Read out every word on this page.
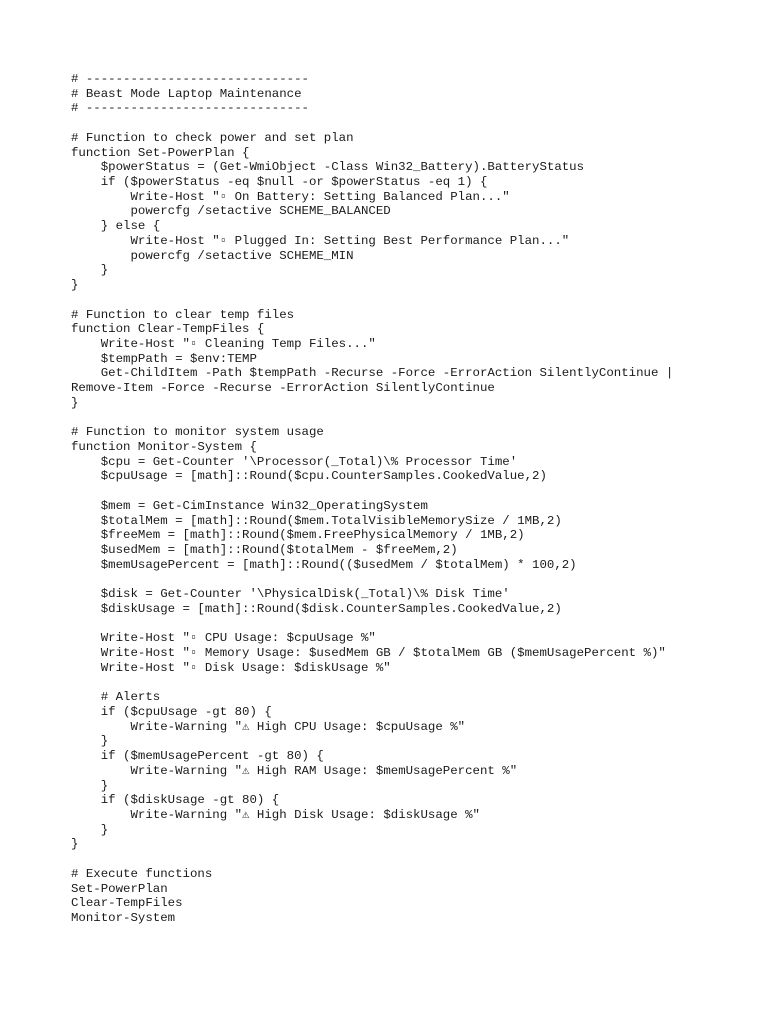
# ------------------------------
# Beast Mode Laptop Maintenance
# ------------------------------
# Function to check power and set plan
function Set-PowerPlan {
$powerStatus = (Get-WmiObject -Class Win32_Battery).BatteryStatus
if ($powerStatus -eq $null -or $powerStatus -eq 1) {
Write-Host "▫ On Battery: Setting Balanced Plan..."
powercfg /setactive SCHEME_BALANCED
} else {
Write-Host "▫ Plugged In: Setting Best Performance Plan..."
powercfg /setactive SCHEME_MIN
}
}
# Function to clear temp files
function Clear-TempFiles {
Write-Host "▫ Cleaning Temp Files..."
$tempPath = $env:TEMP
Get-ChildItem -Path $tempPath -Recurse -Force -ErrorAction SilentlyContinue |
Remove-Item -Force -Recurse -ErrorAction SilentlyContinue
}
# Function to monitor system usage
function Monitor-System {
$cpu = Get-Counter '\Processor(_Total)\% Processor Time'
$cpuUsage = [math]::Round($cpu.CounterSamples.CookedValue,2)
$mem = Get-CimInstance Win32_OperatingSystem
$totalMem = [math]::Round($mem.TotalVisibleMemorySize / 1MB,2)
$freeMem = [math]::Round($mem.FreePhysicalMemory / 1MB,2)
$usedMem = [math]::Round($totalMem - $freeMem,2)
$memUsagePercent = [math]::Round(($usedMem / $totalMem) * 100,2)
$disk = Get-Counter '\PhysicalDisk(_Total)\% Disk Time'
$diskUsage = [math]::Round($disk.CounterSamples.CookedValue,2)
Write-Host "▫ CPU Usage: $cpuUsage %"
Write-Host "▫ Memory Usage: $usedMem GB / $totalMem GB ($memUsagePercent %)"
Write-Host "▫ Disk Usage: $diskUsage %"
# Alerts
if ($cpuUsage -gt 80) {
Write-Warning "⚠ High CPU Usage: $cpuUsage %"
}
if ($memUsagePercent -gt 80) {
Write-Warning "⚠ High RAM Usage: $memUsagePercent %"
}
if ($diskUsage -gt 80) {
Write-Warning "⚠ High Disk Usage: $diskUsage %"
}
}
# Execute functions
Set-PowerPlan
Clear-TempFiles
Monitor-System
